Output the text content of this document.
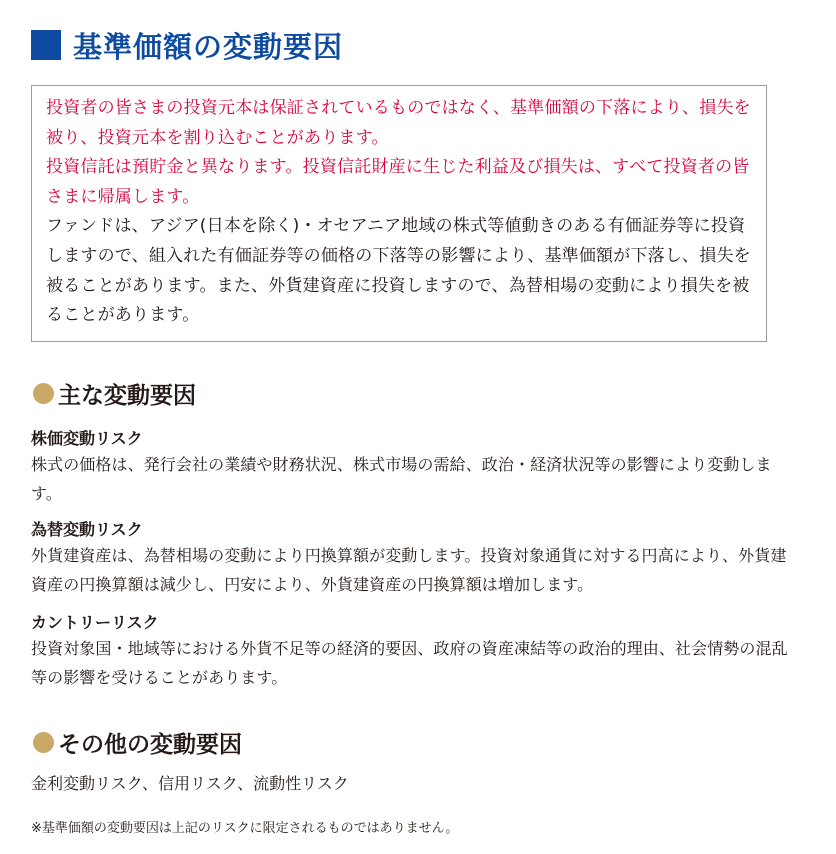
基準価額の変動要因

投資者の皆さまの投資元本は保証されているものではなく、基準価額の下落により、損失を被り、投資元本を割り込むことがあります。

投資信託は預貯金と異なります。投資信託財産に生じた利益及び損失は、すべて投資者の皆さまに帰属します。

ファンドは、アジア(日本を除く)・オセアニア地域の株式等値動きのある有価証券等に投資しますので、組入れた有価証券等の価格の下落等の影響により、基準価額が下落し、損失を被ることがあります。また、外貨建資産に投資しますので、為替相場の変動により損失を被ることがあります。

主な変動要因

株価変動リスク

株式の価格は、発行会社の業績や財務状況、株式市場の需給、政治・経済状況等の影響により変動します。

為替変動リスク

外貨建資産は、為替相場の変動により円換算額が変動します。投資対象通貨に対する円高により、外貨建資産の円換算額は減少し、円安により、外貨建資産の円換算額は増加します。

カントリーリスク

投資対象国・地域等における外貨不足等の経済的要因、政府の資産凍結等の政治的理由、社会情勢の混乱等の影響を受けることがあります。

その他の変動要因
金利変動リスク、信用リスク、流動性リスク
※基準価額の変動要因は上記のリスクに限定されるものではありません。
